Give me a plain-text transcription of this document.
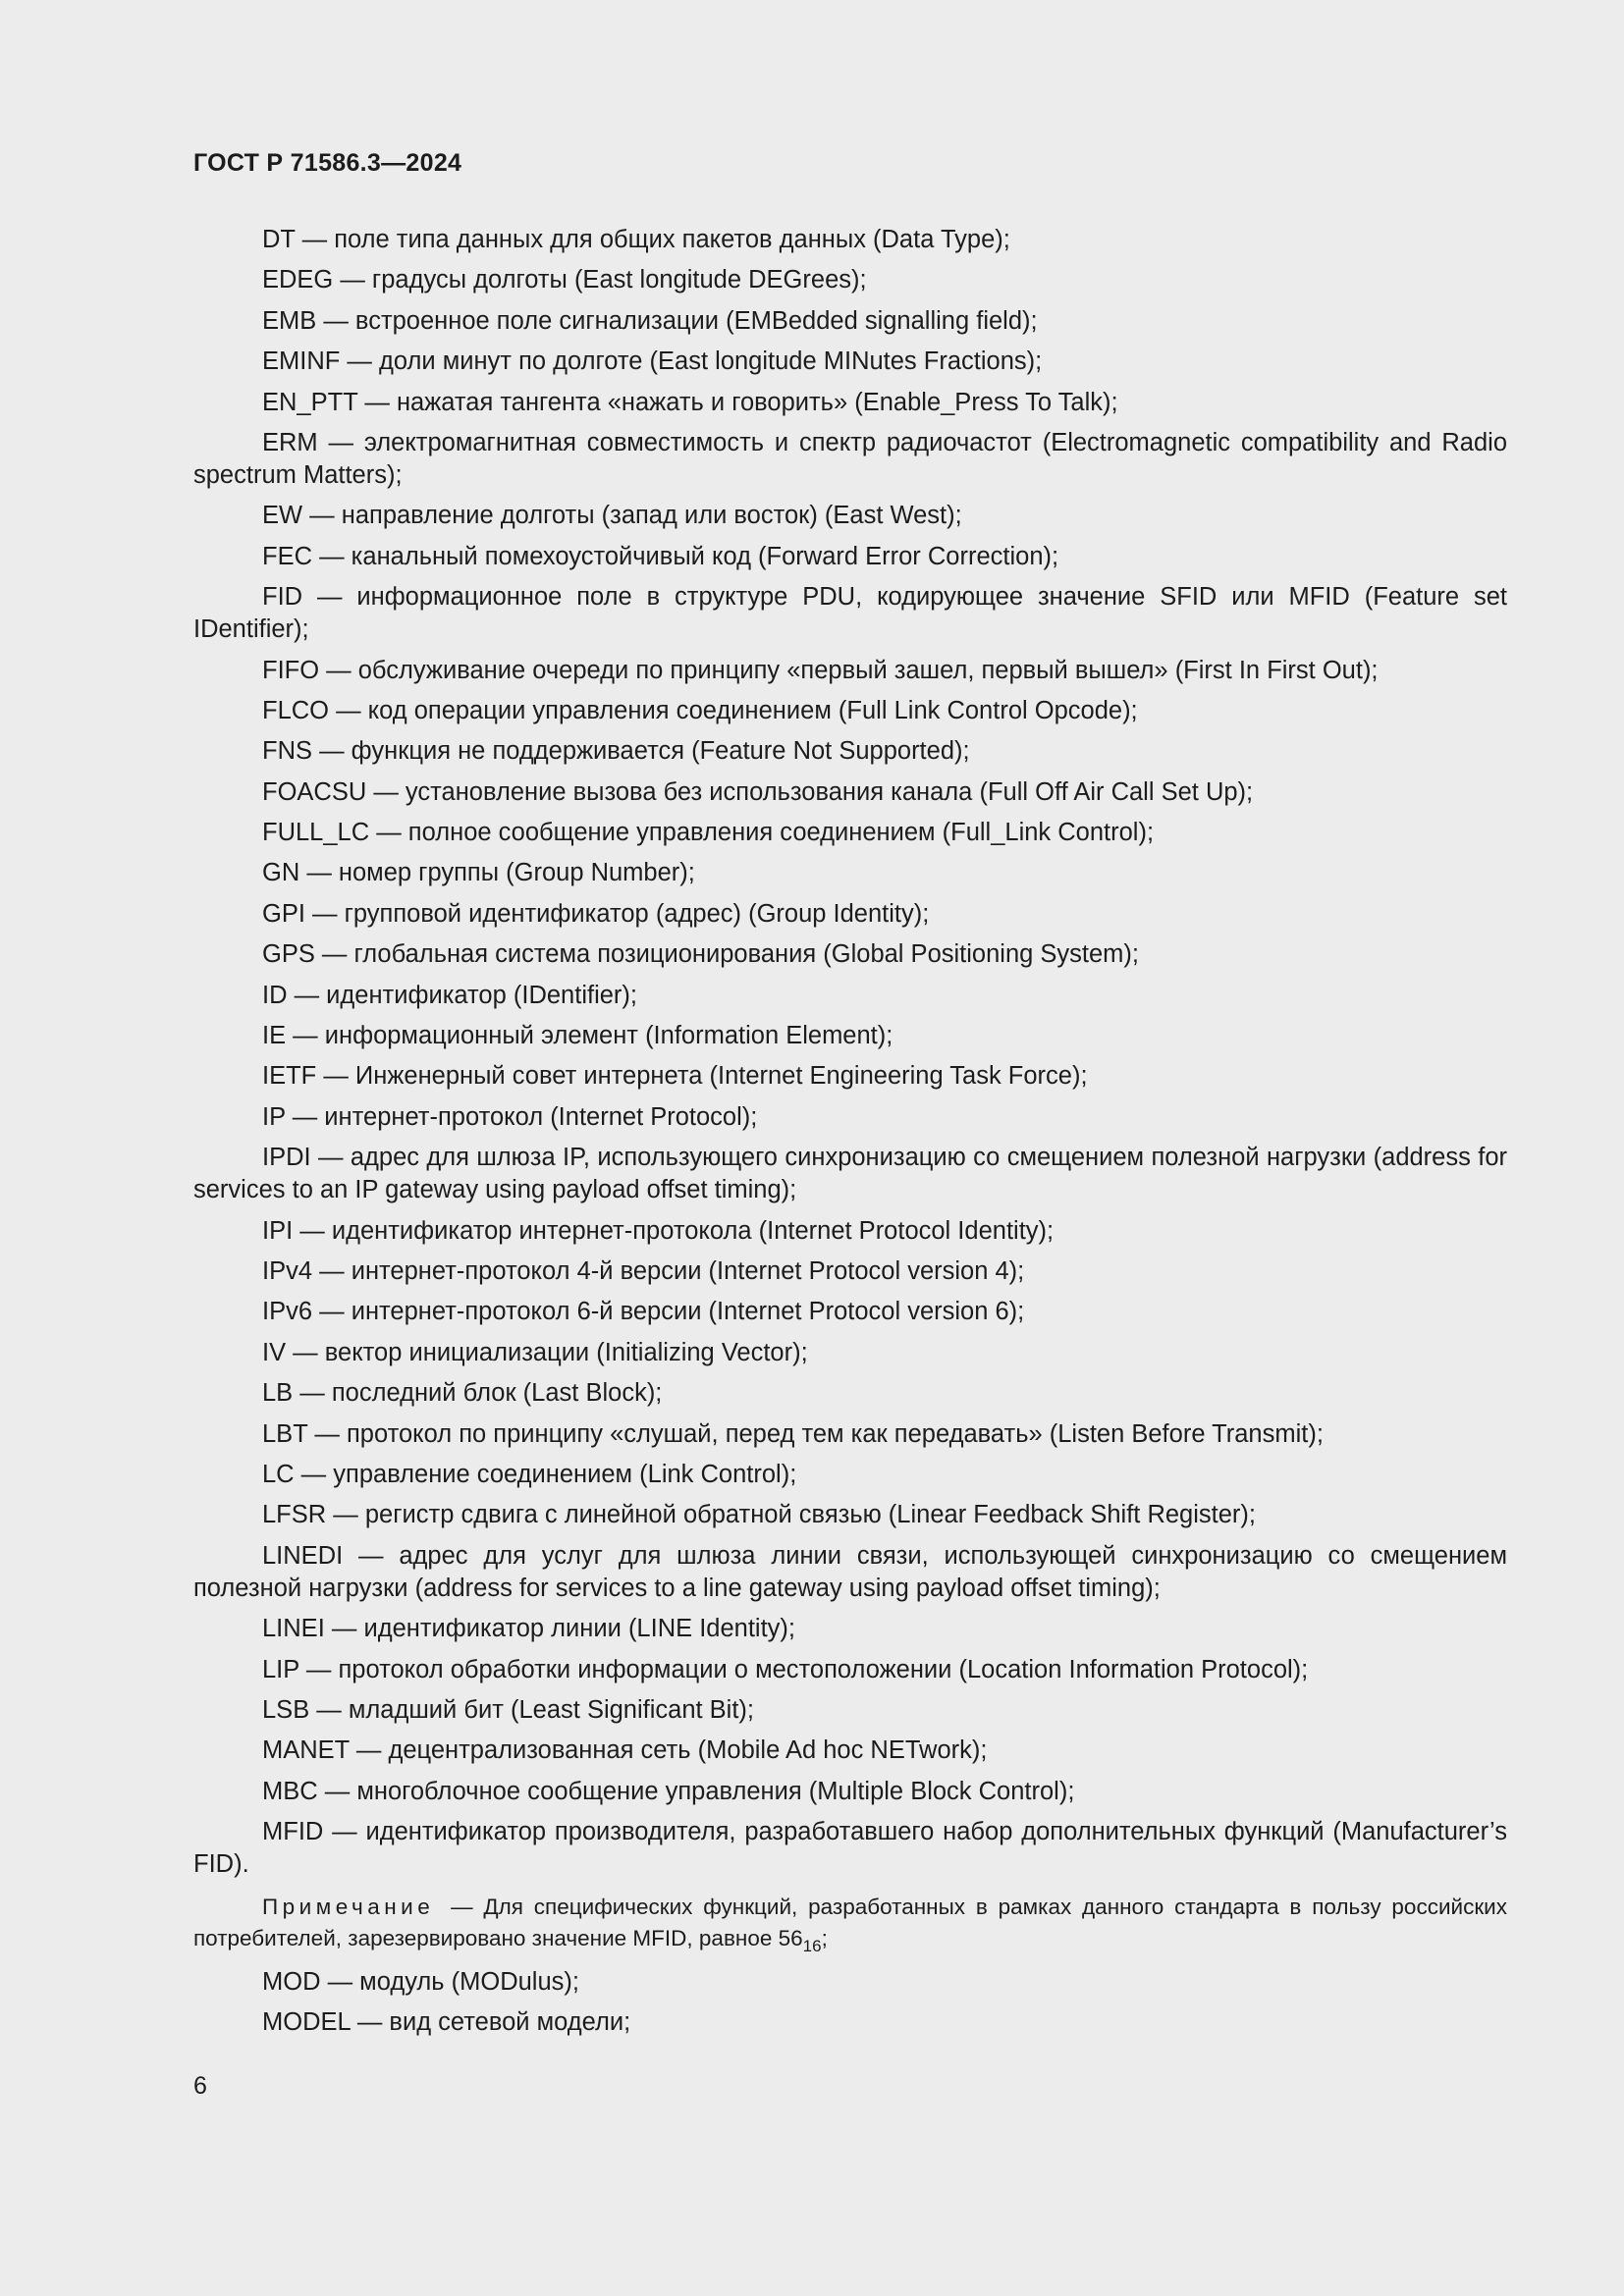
ГОСТ Р 71586.3—2024

DT — поле типа данных для общих пакетов данных (Data Type);

EDEG — градусы долготы (East longitude DEGrees);

EMB — встроенное поле сигнализации (EMBedded signalling field);

EMINF — доли минут по долготе (East longitude MINutes Fractions);

EN_PTT — нажатая тангента «нажать и говорить» (Enable_Press To Talk);

ERM — электромагнитная совместимость и спектр радиочастот (Electromagnetic compatibility and Radio spectrum Matters);

EW — направление долготы (запад или восток) (East West);

FEC — канальный помехоустойчивый код (Forward Error Correction);

FID — информационное поле в структуре PDU, кодирующее значение SFID или MFID (Feature set IDentifier);

FIFO — обслуживание очереди по принципу «первый зашел, первый вышел» (First In First Out);

FLCO — код операции управления соединением (Full Link Control Opcode);

FNS — функция не поддерживается (Feature Not Supported);

FOACSU — установление вызова без использования канала (Full Off Air Call Set Up);

FULL_LC — полное сообщение управления соединением (Full_Link Control);

GN — номер группы (Group Number);

GPI — групповой идентификатор (адрес) (Group Identity);

GPS — глобальная система позиционирования (Global Positioning System);

ID — идентификатор (IDentifier);

IE — информационный элемент (Information Element);

IETF — Инженерный совет интернета (Internet Engineering Task Force);

IP — интернет-протокол (Internet Protocol);

IPDI — адрес для шлюза IP, использующего синхронизацию со смещением полезной нагрузки (address for services to an IP gateway using payload offset timing);

IPI — идентификатор интернет-протокола (Internet Protocol Identity);

IPv4 — интернет-протокол 4-й версии (Internet Protocol version 4);

IPv6 — интернет-протокол 6-й версии (Internet Protocol version 6);

IV — вектор инициализации (Initializing Vector);

LB — последний блок (Last Block);

LBT — протокол по принципу «слушай, перед тем как передавать» (Listen Before Transmit);

LC — управление соединением (Link Control);

LFSR — регистр сдвига с линейной обратной связью (Linear Feedback Shift Register);

LINEDI — адрес для услуг для шлюза линии связи, использующей синхронизацию со смещением полезной нагрузки (address for services to a line gateway using payload offset timing);

LINEI — идентификатор линии (LINE Identity);

LIP — протокол обработки информации о местоположении (Location Information Protocol);

LSB — младший бит (Least Significant Bit);

MANET — децентрализованная сеть (Mobile Ad hoc NETwork);

MBC — многоблочное сообщение управления (Multiple Block Control);

MFID — идентификатор производителя, разработавшего набор дополнительных функций (Manufacturer’s FID).

Примечание — Для специфических функций, разработанных в рамках данного стандарта в пользу российских потребителей, зарезервировано значение MFID, равное $56_{16}$;

MOD — модуль (MODulus);

MODEL — вид сетевой модели;

6
